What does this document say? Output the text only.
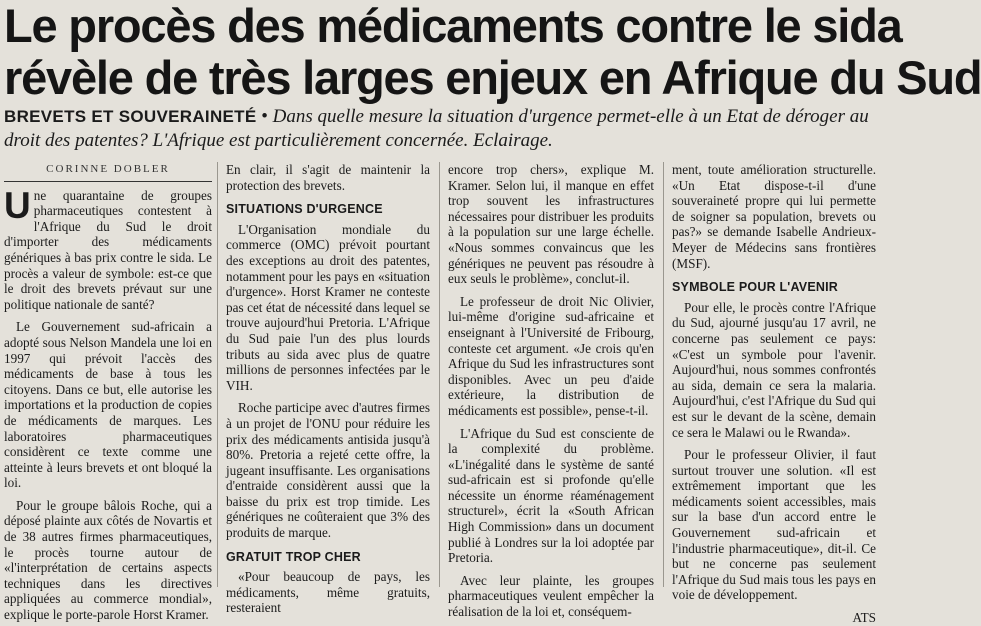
Le procès des médicaments contre le sida
révèle de très larges enjeux en Afrique du Sud

BREVETS ET SOUVERAINETÉ • Dans quelle mesure la situation d'urgence permet-elle à un Etat de déroger au droit des patentes? L'Afrique est particulièrement concernée. Eclairage.

CORINNE DOBLER

Une quarantaine de groupes pharmaceutiques contestent à l'Afrique du Sud le droit d'importer des médicaments génériques à bas prix contre le sida. Le procès a valeur de symbole: est-ce que le droit des brevets prévaut sur une politique nationale de santé?

Le Gouvernement sud-africain a adopté sous Nelson Mandela une loi en 1997 qui prévoit l'accès des médicaments de base à tous les citoyens. Dans ce but, elle autorise les importations et la production de copies de médicaments de marques. Les laboratoires pharmaceutiques considèrent ce texte comme une atteinte à leurs brevets et ont bloqué la loi.

Pour le groupe bâlois Roche, qui a déposé plainte aux côtés de Novartis et de 38 autres firmes pharmaceutiques, le procès tourne autour de «l'interprétation de certains aspects techniques dans les directives appliquées au commerce mondial», explique le porte-parole Horst Kramer.

En clair, il s'agit de maintenir la protection des brevets.

SITUATIONS D'URGENCE

L'Organisation mondiale du commerce (OMC) prévoit pourtant des exceptions au droit des patentes, notamment pour les pays en «situation d'urgence». Horst Kramer ne conteste pas cet état de nécessité dans lequel se trouve aujourd'hui Pretoria. L'Afrique du Sud paie l'un des plus lourds tributs au sida avec plus de quatre millions de personnes infectées par le VIH.

Roche participe avec d'autres firmes à un projet de l'ONU pour réduire les prix des médicaments antisida jusqu'à 80%. Pretoria a rejeté cette offre, la jugeant insuffisante. Les organisations d'entraide considèrent aussi que la baisse du prix est trop timide. Les génériques ne coûteraient que 3% des produits de marque.

GRATUIT TROP CHER

«Pour beaucoup de pays, les médicaments, même gratuits, resteraient

encore trop chers», explique M. Kramer. Selon lui, il manque en effet trop souvent les infrastructures nécessaires pour distribuer les produits à la population sur une large échelle. «Nous sommes convaincus que les génériques ne peuvent pas résoudre à eux seuls le problème», conclut-il.

Le professeur de droit Nic Olivier, lui-même d'origine sud-africaine et enseignant à l'Université de Fribourg, conteste cet argument. «Je crois qu'en Afrique du Sud les infrastructures sont disponibles. Avec un peu d'aide extérieure, la distribution de médicaments est possible», pense-t-il.

L'Afrique du Sud est consciente de la complexité du problème. «L'inégalité dans le système de santé sud-africain est si profonde qu'elle nécessite un énorme réaménagement structurel», écrit la «South African High Commission» dans un document publié à Londres sur la loi adoptée par Pretoria.

Avec leur plainte, les groupes pharmaceutiques veulent empêcher la réalisation de la loi et, conséquem-

ment, toute amélioration structurelle. «Un Etat dispose-t-il d'une souveraineté propre qui lui permette de soigner sa population, brevets ou pas?» se demande Isabelle Andrieux-Meyer de Médecins sans frontières (MSF).

SYMBOLE POUR L'AVENIR

Pour elle, le procès contre l'Afrique du Sud, ajourné jusqu'au 17 avril, ne concerne pas seulement ce pays: «C'est un symbole pour l'avenir. Aujourd'hui, nous sommes confrontés au sida, demain ce sera la malaria. Aujourd'hui, c'est l'Afrique du Sud qui est sur le devant de la scène, demain ce sera le Malawi ou le Rwanda».

Pour le professeur Olivier, il faut surtout trouver une solution. «Il est extrêmement important que les médicaments soient accessibles, mais sur la base d'un accord entre le Gouvernement sud-africain et l'industrie pharmaceutique», dit-il. Ce but ne concerne pas seulement l'Afrique du Sud mais tous les pays en voie de développement.

ATS
